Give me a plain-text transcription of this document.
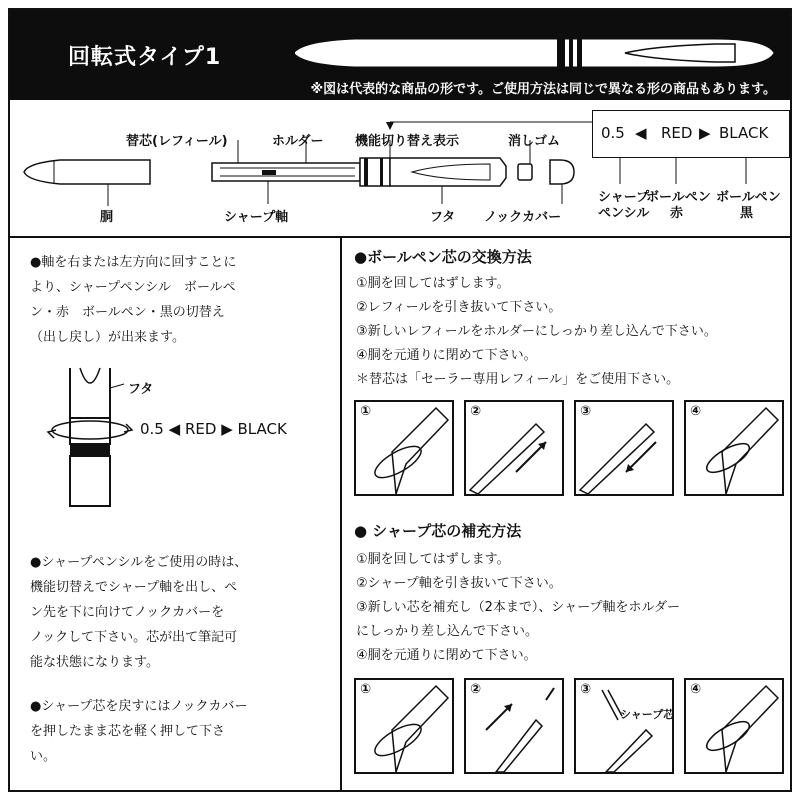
回転式タイプ1
※図は代表的な商品の形です。ご使用方法は同じで異なる形の商品もあります。
替芯(レフィール)	ホルダー 機能切り替え表示	消しゴム
胴	シャープ軸	フタ ノックカバー
シャープ
ペンシル
ボールペン
赤
ボールペン
黒
0.5 ◀ RED ▶ BLACK
●軸を右または左方向に回すことに
より、シャープペンシル　ボールペ
ン・赤　ボールペン・黒の切替え
（出し戻し）が出来ます。
フタ
0.5 ◀ RED ▶ BLACK
●シャープペンシルをご使用の時は、
機能切替えでシャープ軸を出し、ペ
ン先を下に向けてノックカバーを
ノックして下さい。芯が出て筆記可
能な状態になります。
●シャープ芯を戻すにはノックカバー
を押したまま芯を軽く押して下さ
い。
●ボールペン芯の交換方法
①胴を回してはずします。
②レフィールを引き抜いて下さい。
③新しいレフィールをホルダーにしっかり差し込んで下さい。
④胴を元通りに閉めて下さい。
＊替芯は「セーラー専用レフィール」をご使用下さい。
①	②	③	④
● シャープ芯の補充方法
①胴を回してはずします。
②シャープ軸を引き抜いて下さい。
③新しい芯を補充し（2本まで）、シャープ軸をホルダー
にしっかり差し込んで下さい。
④胴を元通りに閉めて下さい。
①	②	③
シャープ芯
④
